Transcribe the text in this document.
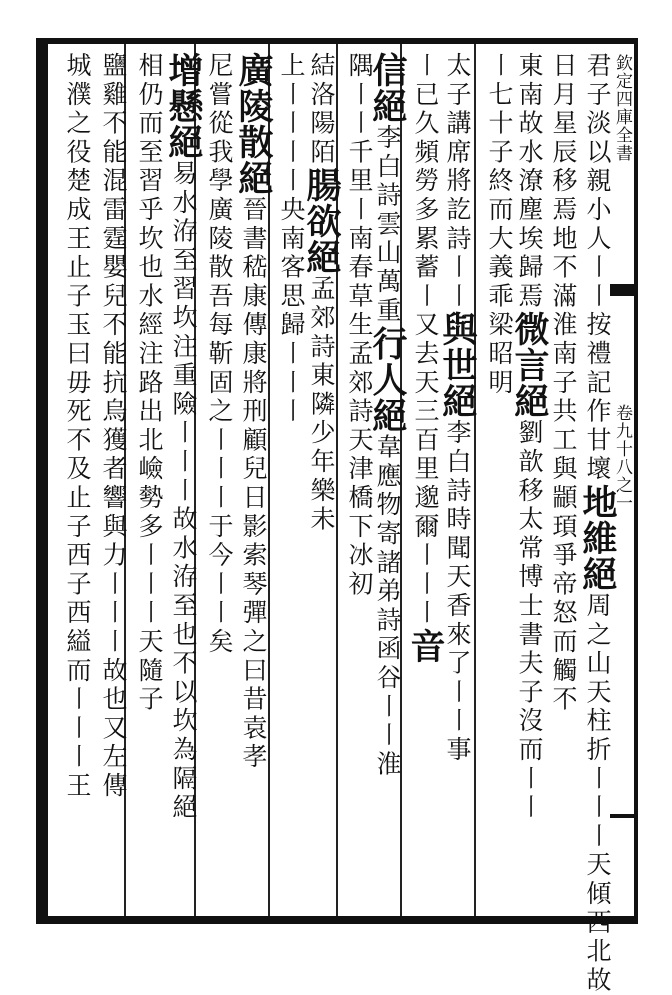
欽定四庫全書
卷九十八之一
君子淡以親小人〡〡按禮記作甘壞地維絕周之山天柱折〡〡〡天傾西北故
日月星辰移焉地不滿淮南子共工與顓頊爭帝怒而觸不
東南故水潦塵埃歸焉微言絕劉歆移太常博士書夫子沒而〡〡
〡七十子終而大義乖梁昭明
太子講席將訖詩〡〡與世絕李白詩時聞天香來了〡〡事
〡已久頻勞多累蓄〡又去天三百里邈爾〡〡〡音
信絕李白詩雲山萬重行人絕韋應物寄諸弟詩函谷〡〡淮
隅〡〡千里〡南春草生孟郊詩天津橋下冰初
結洛陽陌腸欲絕孟郊詩東隣少年樂未
上〡〡〡〡央南客思歸〡〡〡
廣陵散絕晉書嵇康傳康將刑顧兒日影索琴彈之曰昔袁孝
尼嘗從我學廣陵散吾每靳固之〡〡〡于今〡〡矣
增懸絕易水洊至習坎注重險〡〡〡故水洊至也不以坎為隔絕
相仍而至習乎坎也水經注路出北嶮勢多〡〡〡天隨子
鹽雞不能混雷霆嬰兒不能抗烏獲者響與力〡〡〡故也又左傳
城濮之役楚成王止子玉曰毋死不及止子西子西縊而〡〡〡王
